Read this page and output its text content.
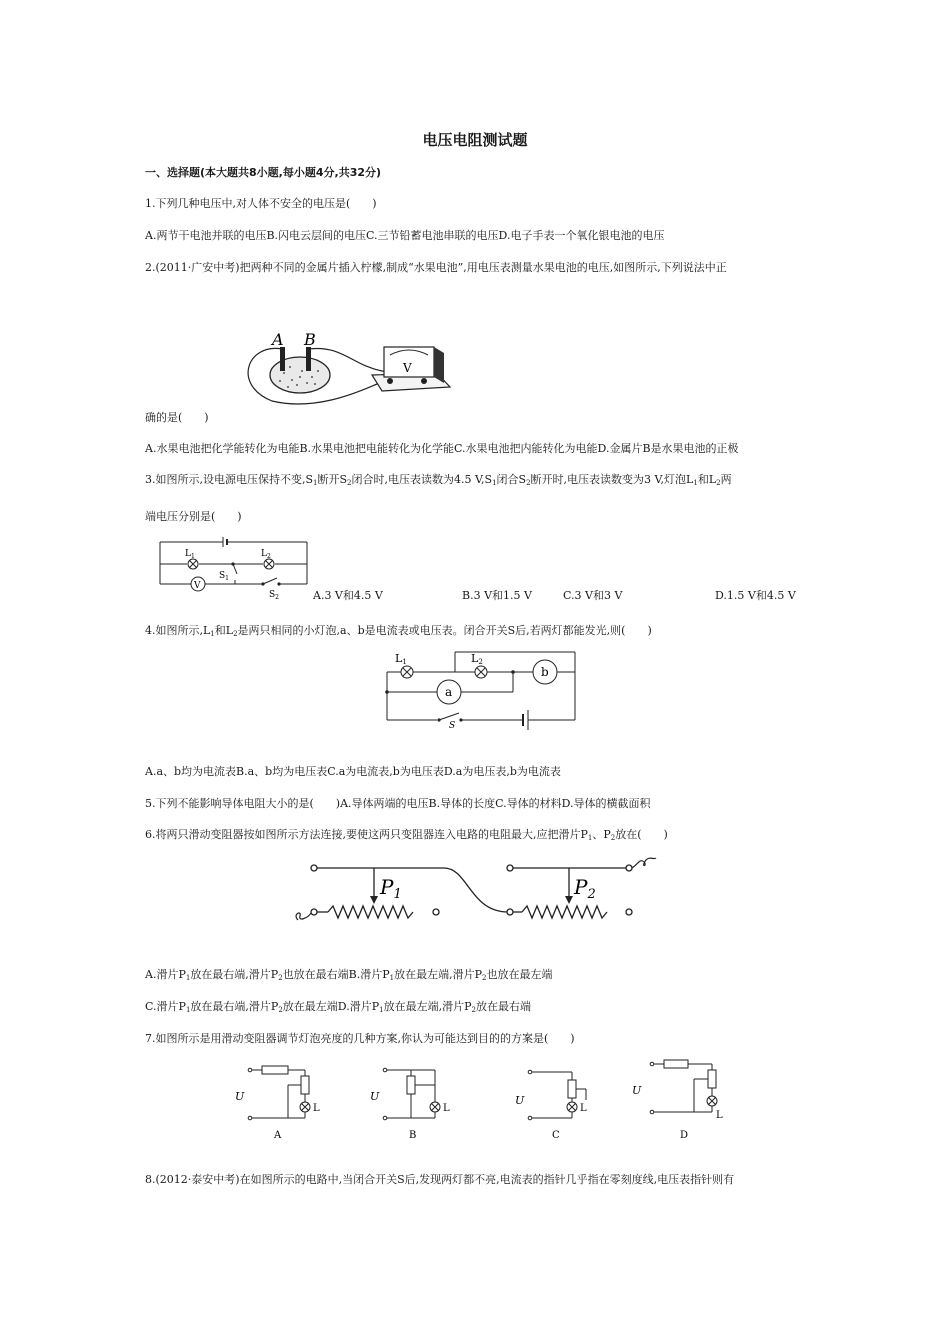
电压电阻测试题
一、选择题(本大题共8小题,每小题4分,共32分)
1.下列几种电压中,对人体不安全的电压是(　　)
A.两节干电池并联的电压B.闪电云层间的电压C.三节铅蓄电池串联的电压D.电子手表一个氧化银电池的电压
2.(2011·广安中考)把两种不同的金属片插入柠檬,制成“水果电池”,用电压表测量水果电池的电压,如图所示,下列说法中正
A B
V
确的是(　　)
A.水果电池把化学能转化为电能B.水果电池把电能转化为化学能C.水果电池把内能转化为电能D.金属片B是水果电池的正极
3.如图所示,设电源电压保持不变$,S_1$断开$S_2$闭合时,电压表读数为4.5 $V,S_1$闭合$S_2$断开时,电压表读数变为3 V,灯泡$L_1$和$L_2$两
端电压分别是(　　)
$L_1$	$L_2$
$S_1$
V
$S_2$	A.3 V和4.5 V	B.3 V和1.5 V	C.3 V和3 V	D.1.5 V和4.5 V
4.如图所示$,L_1$和$L_2$是两只相同的小灯泡,a、b是电流表或电压表。闭合开关S后,若两灯都能发光,则(　　)
b
L1	L2
a
S
A.a、b均为电流表B.a、b均为电压表C.a为电流表,b为电压表D.a为电压表,b为电流表
5.下列不能影响导体电阻大小的是(　　)A.导体两端的电压B.导体的长度C.导体的材料D.导体的横截面积
6.将两只滑动变阻器按如图所示方法连接,要使这两只变阻器连入电路的电阻最大,应把滑片$P_1$、$P_2$放在(　　)
$P_1$	$P_2$
A.滑片$P_1$放在最右端,滑片$P_2$也放在最右端B.滑片$P_1$放在最左端,滑片$P_2$也放在最左端
C.滑片$P_1$放在最右端,滑片$P_2$放在最左端D.滑片$P_1$放在最左端,滑片$P_2$放在最右端
7.如图所示是用滑动变阻器调节灯泡亮度的几种方案,你认为可能达到目的的方案是(　　)
U
L
A
U
L
B
U
L
C
U
L
D
8.(2012·泰安中考)在如图所示的电路中,当闭合开关S后,发现两灯都不亮,电流表的指针几乎指在零刻度线,电压表指针则有
